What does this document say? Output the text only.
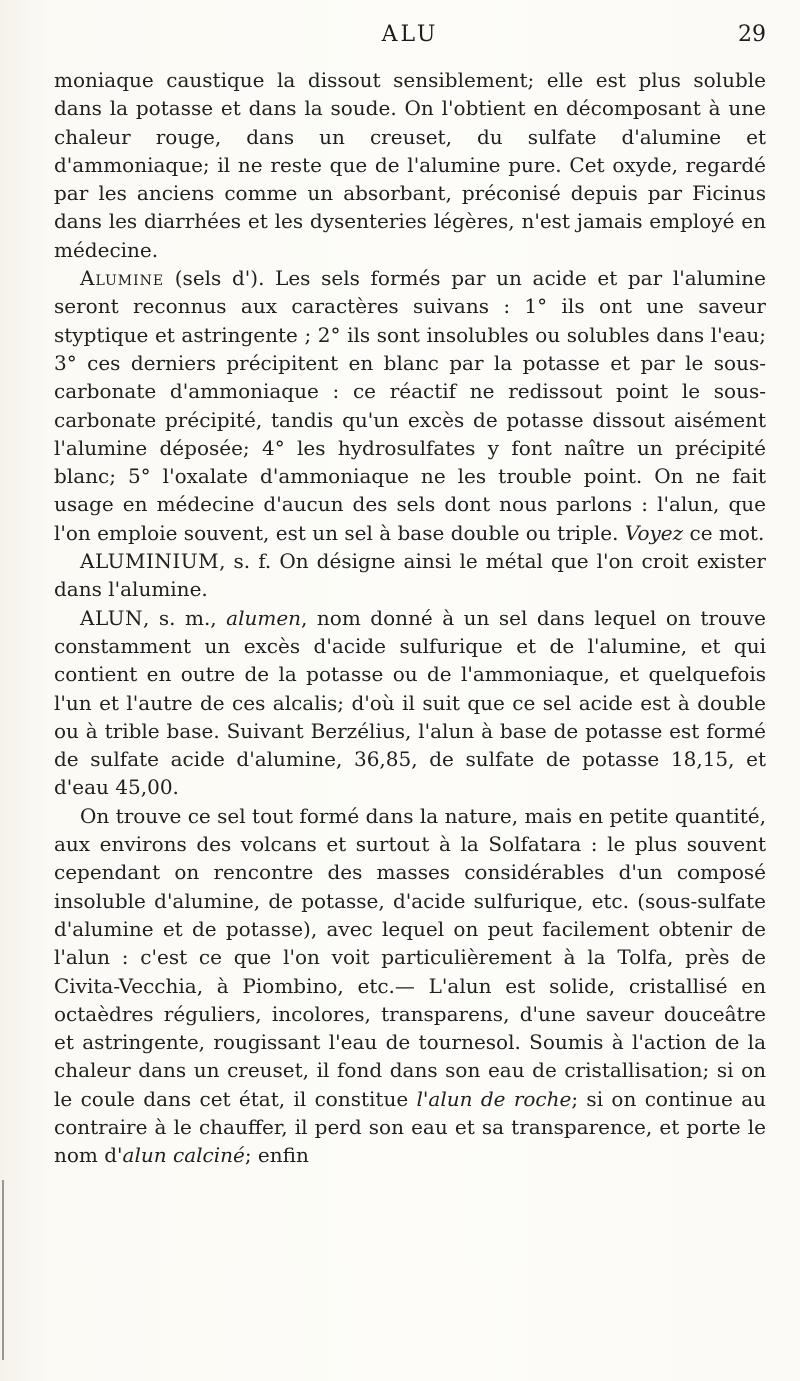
ALU	29

moniaque caustique la dissout sensiblement; elle est plus soluble dans la potasse et dans la soude. On l'obtient en décomposant à une chaleur rouge, dans un creuset, du sulfate d'alumine et d'ammoniaque; il ne reste que de l'alumine pure. Cet oxyde, regardé par les anciens comme un absorbant, préconisé depuis par Ficinus dans les diarrhées et les dysenteries légères, n'est jamais employé en médecine.

Alumine (sels d'). Les sels formés par un acide et par l'alumine seront reconnus aux caractères suivans : 1° ils ont une saveur styptique et astringente ; 2° ils sont insolubles ou solubles dans l'eau; 3° ces derniers précipitent en blanc par la potasse et par le sous-carbonate d'ammoniaque : ce réactif ne redissout point le sous-carbonate précipité, tandis qu'un excès de potasse dissout aisément l'alumine déposée; 4° les hydrosulfates y font naître un précipité blanc; 5° l'oxalate d'ammoniaque ne les trouble point. On ne fait usage en médecine d'aucun des sels dont nous parlons : l'alun, que l'on emploie souvent, est un sel à base double ou triple. Voyez ce mot.

ALUMINIUM, s. f. On désigne ainsi le métal que l'on croit exister dans l'alumine.

ALUN, s. m., alumen, nom donné à un sel dans lequel on trouve constamment un excès d'acide sulfurique et de l'alumine, et qui contient en outre de la potasse ou de l'ammoniaque, et quelquefois l'un et l'autre de ces alcalis; d'où il suit que ce sel acide est à double ou à trible base. Suivant Berzélius, l'alun à base de potasse est formé de sulfate acide d'alumine, 36,85, de sulfate de potasse 18,15, et d'eau 45,00.

On trouve ce sel tout formé dans la nature, mais en petite quantité, aux environs des volcans et surtout à la Solfatara : le plus souvent cependant on rencontre des masses considérables d'un composé insoluble d'alumine, de potasse, d'acide sulfurique, etc. (sous-sulfate d'alumine et de potasse), avec lequel on peut facilement obtenir de l'alun : c'est ce que l'on voit particulièrement à la Tolfa, près de Civita-Vecchia, à Piombino, etc.— L'alun est solide, cristallisé en octaèdres réguliers, incolores, transparens, d'une saveur douceâtre et astringente, rougissant l'eau de tournesol. Soumis à l'action de la chaleur dans un creuset, il fond dans son eau de cristallisation; si on le coule dans cet état, il constitue l'alun de roche; si on continue au contraire à le chauffer, il perd son eau et sa transparence, et porte le nom d'alun calciné; enfin
